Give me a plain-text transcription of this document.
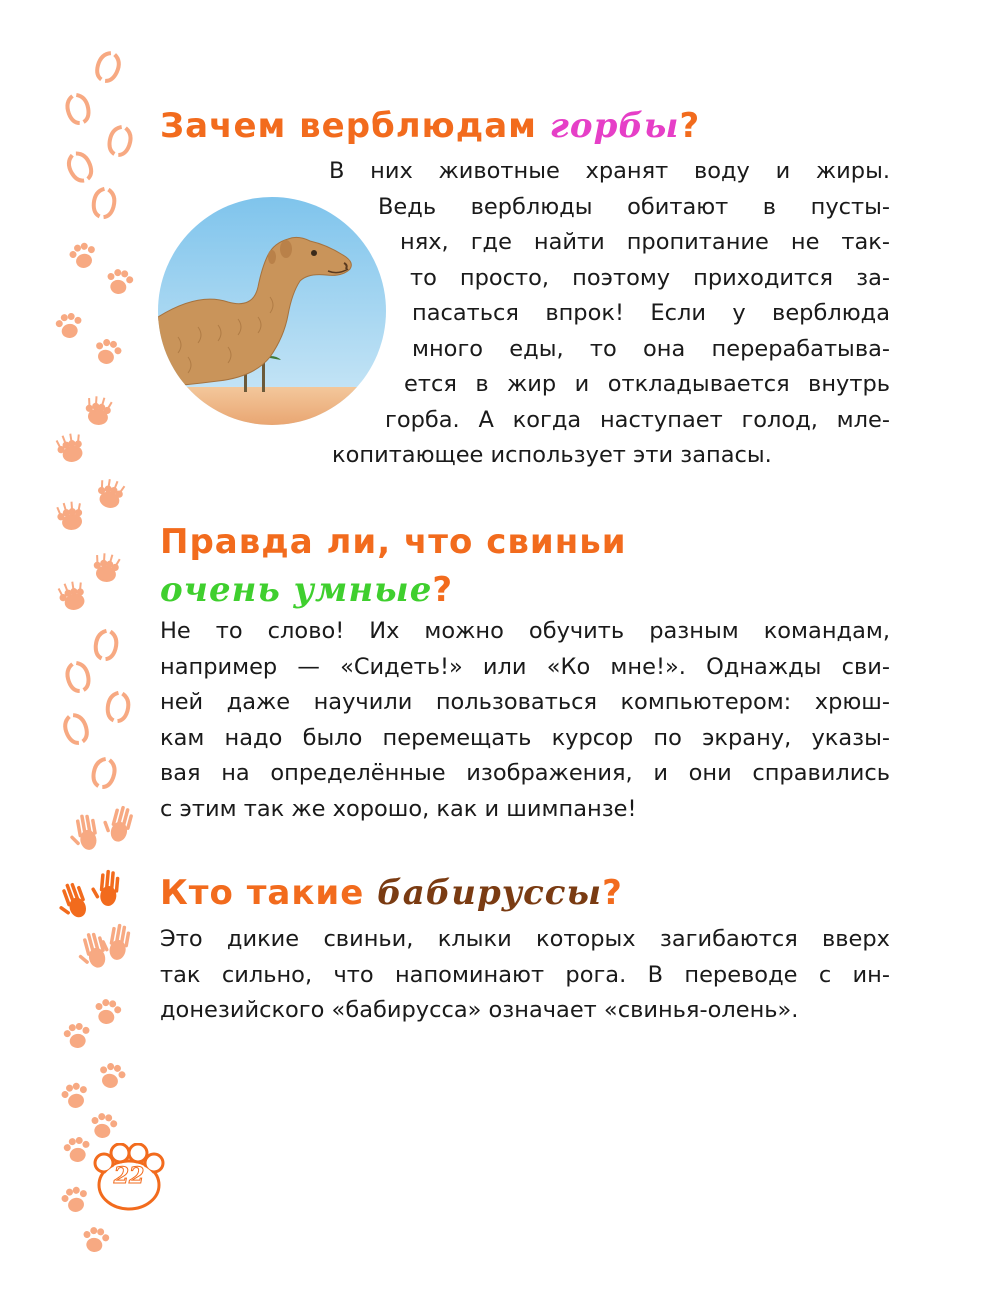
Зачем верблюдам горбы?
В них животные хранят воду и жиры.
Ведь верблюды обитают в пусты-
нях, где найти пропитание не так-
то просто, поэтому приходится за-
пасаться впрок! Если у верблюда
много еды, то она перерабатыва-
ется в жир и откладывается внутрь
горба. А когда наступает голод, мле-
копитающее использует эти запасы.
Правда ли, что свиньи
очень умные?
Не то слово! Их можно обучить разным командам,
например — «Сидеть!» или «Ко мне!». Однажды сви-
ней даже научили пользоваться компьютером: хрюш-
кам надо было перемещать курсор по экрану, указы-
вая на определённые изображения, и они справились
с этим так же хорошо, как и шимпанзе!
Кто такие бабируссы?
Это дикие свиньи, клыки которых загибаются вверх
так сильно, что напоминают рога. В переводе с ин-
донезийского «бабирусса» означает «свинья-олень».
22
